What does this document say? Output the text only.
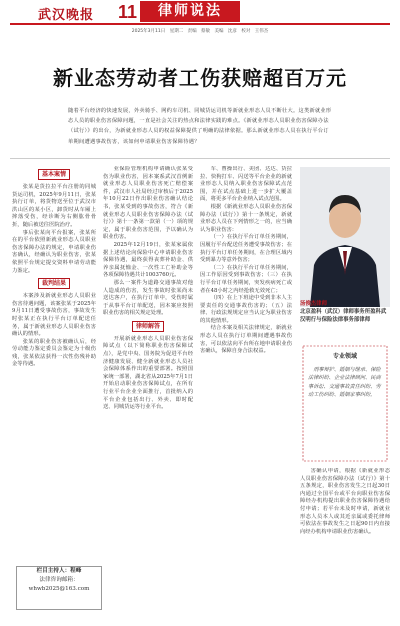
武汉晚报 11	律师说法
2025年3月11日 星期二 责编 蔡敏 美编 沈彦 校对 王伟杰
新业态劳动者工伤获赔超百万元
随着平台经济的快速发展，外卖骑手、网约车司机、同城货运司机等新就业形态人员不断壮大。这类新就业形态人员的职业伤害保障问题，一直是社会关注的热点和法律实践的难点。《新就业形态人员职业伤害保障办法（试行）》的出台，为新就业形态人员的权益保障提供了明确的法律依据。那么新就业形态人员在执行平台订单期间遭遇事故伤害，该如何申请职业伤害保障待遇？
基本案情

张某是货拉拉平台注册的同城货运司机，2025年9月11日，张某执行订单，将货物送至位于武汉市洪山区的某小区，卸货时从车厢上摔落受伤，经诊断为右侧肱骨骨折，随后被送往医院治疗。

事后张某向平台报案，张某所在的平台依照新就业形态人员职业伤害保障办法的规定，申请职业伤害确认，经确认为职业伤害，张某依照平台规定提交资料申请劳动能力鉴定。

裁判结果

本案涉及新就业形态人员职业伤害待遇问题，该案张某于2025年9月11日遭受事故伤害，事故发生时张某正在执行平台订单配送任务，属于新就业形态人员职业伤害确认的情形。

张某的职业伤害被确认后，经劳动能力鉴定委员会鉴定为十级伤残，张某依法获得一次性伤残补助金等待遇。

栏目主持人：程峰
法律咨询邮箱：
whwb2025@163.com

业保险管理机构申请确认张某受伤为职业伤害，因本案系武汉首例新就业形态人员职业伤害死亡赔偿案件，武汉市人社局经过审核后于2025年10月22日作出职业伤害确认结论书，张某受到的事故伤害，符合《新就业形态人员职业伤害保障办法（试行）》第十一条第一款第（一）项的规定，属于职业伤害范围，予以确认为职业伤害。

2025年12月19日，张某家属依据上述结论向保险中心申请职业伤害保障待遇，最终获得丧葬补助金、供养亲属抚恤金、一次性工亡补助金等各项保障待遇共计1003760元。

那么一案件为道路交通事故对他人造成的伤害，发生事故时张某尚未送达客户，在执行订单中，受伤时属于从事平台订单配送，因本案应按照职业伤害的相关规定处理。

律师解答

开展新就业形态人员职业伤害保障试点（以下简称职业伤害保障试点），是党中央、国务院为促进平台经济健康发展、健全新就业形态人员社会保障体系作出的重要部署。按照国家统一部署，湖北省从2025年7月1日开始启动职业伤害保障试点，在所有行业平台企业全面推行，首批纳入的平台企业包括出行、外卖、即时配送、同城货运等行业平台。

车、曹操出行、美团、达达、货拉拉、快狗打车、闪送等平台企业的新就业形态人员纳入职业伤害保障试点范围，并在试点基础上进一步扩大覆盖面，将更多平台企业纳入试点范围。

根据《新就业形态人员职业伤害保障办法（试行）》第十一条规定，新就业形态人员在下列情形之一的，应当确认为职业伤害：

（一）在执行平台订单任务期间，因履行平台配送任务遭受事故伤害；在执行平台订单任务期间，在合理区域内受到暴力等意外伤害；

（二）在执行平台订单任务期间，因工作原因受到事故伤害；（三）在执行平台订单任务期间，突发疾病死亡或者在48小时之内经抢救无效死亡；

（四）在上下班途中受到非本人主要责任的交通事故伤害的；（五）法律、行政法规规定应当认定为职业伤害的其他情形。

结合本案及相关法律规定，新就业形态人员在执行订单期间遭遇事故伤害，可以依法向平台所在地申请职业伤害确认，保障自身合法权益。

汤俊杰律师
北京盈科（武汉）律师事务所盈科武汉明行与保险法律事务部律师
专业领域
刑事辩护、婚姻与继承、保险法律纠纷、企业法律顾问、民商事诉讼、交通事故责任纠纷、劳动工伤纠纷、婚姻家事纠纷。

害确认申请，根据《新就业形态人员职业伤害保障办法（试行）》第十五条规定，职业伤害发生之日起30日内通过全国平台或平台向职业伤害保障经办机构提出职业伤害保障待遇给付申请；若平台未及时申请，新就业形态人员本人或其近亲属或委托律师可依法在事故发生之日起90日内直接向经办机构申请职业伤害确认。
